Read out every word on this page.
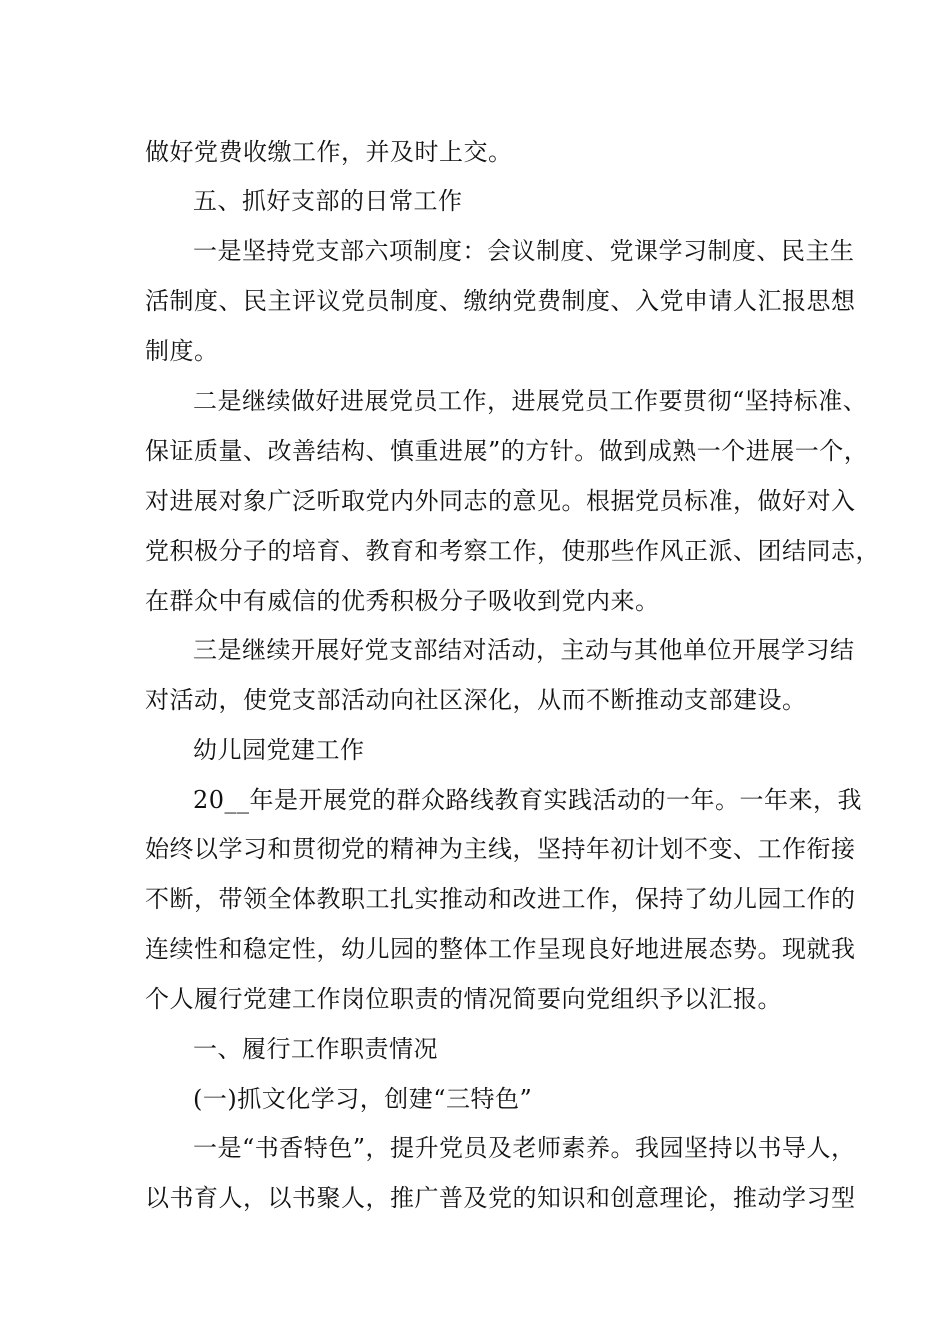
做好党费收缴工作，并及时上交。
五、抓好支部的日常工作
一是坚持党支部六项制度：会议制度、党课学习制度、民主生
活制度、民主评议党员制度、缴纳党费制度、入党申请人汇报思想
制度。
二是继续做好进展党员工作，进展党员工作要贯彻“坚持标准、
保证质量、改善结构、慎重进展”的方针。做到成熟一个进展一个，
对进展对象广泛听取党内外同志的意见。根据党员标准，做好对入
党积极分子的培育、教育和考察工作，使那些作风正派、团结同志，
在群众中有威信的优秀积极分子吸收到党内来。
三是继续开展好党支部结对活动，主动与其他单位开展学习结
对活动，使党支部活动向社区深化，从而不断推动支部建设。
幼儿园党建工作
20__年是开展党的群众路线教育实践活动的一年。一年来，我
始终以学习和贯彻党的精神为主线，坚持年初计划不变、工作衔接
不断，带领全体教职工扎实推动和改进工作，保持了幼儿园工作的
连续性和稳定性，幼儿园的整体工作呈现良好地进展态势。现就我
个人履行党建工作岗位职责的情况简要向党组织予以汇报。
一、履行工作职责情况
(一)抓文化学习，创建“三特色”
一是“书香特色”，提升党员及老师素养。我园坚持以书导人，
以书育人，以书聚人，推广普及党的知识和创意理论，推动学习型
